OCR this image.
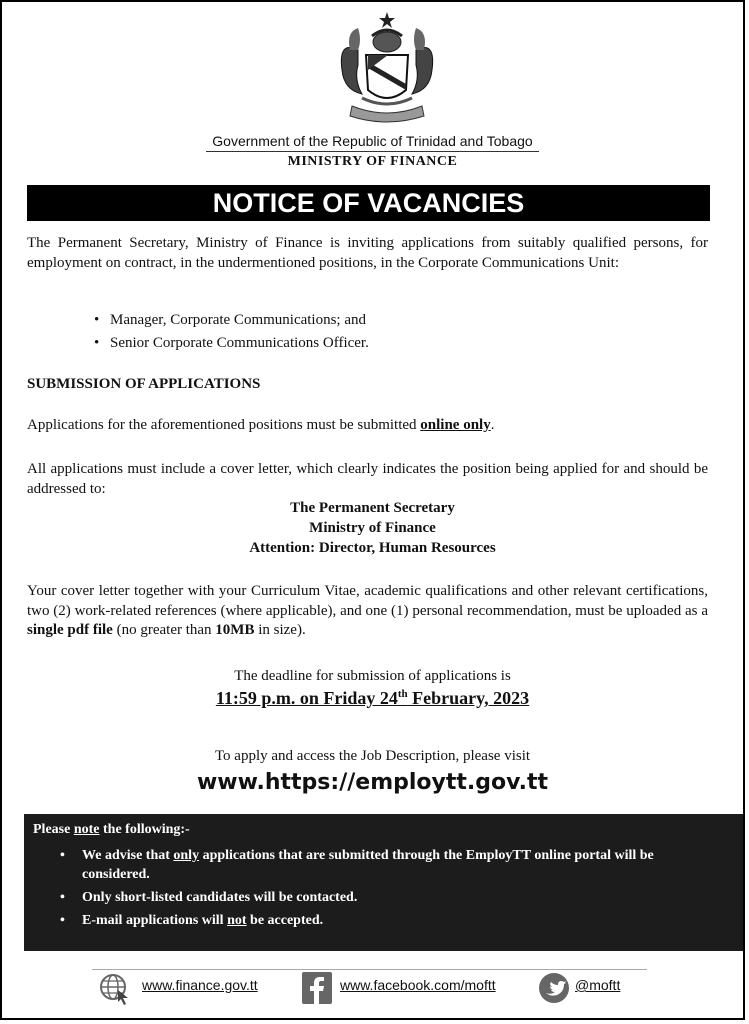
Government of the Republic of Trinidad and Tobago
MINISTRY OF FINANCE
NOTICE OF VACANCIES
The Permanent Secretary, Ministry of Finance is inviting applications from suitably qualified persons, for employment on contract, in the undermentioned positions, in the Corporate Communications Unit:
• Manager, Corporate Communications; and
• Senior Corporate Communications Officer.
SUBMISSION OF APPLICATIONS
Applications for the aforementioned positions must be submitted online only.
All applications must include a cover letter, which clearly indicates the position being applied for and should be addressed to:
The Permanent Secretary
Ministry of Finance
Attention: Director, Human Resources
Your cover letter together with your Curriculum Vitae, academic qualifications and other relevant certifications, two (2) work-related references (where applicable), and one (1) personal recommendation, must be uploaded as a single pdf file (no greater than 10MB in size).
The deadline for submission of applications is
11:59 p.m. on Friday 24th February, 2023
To apply and access the Job Description, please visit
www.https://employtt.gov.tt
Please note the following:-
• We advise that only applications that are submitted through the EmployTT online portal will be considered.
• Only short-listed candidates will be contacted.
• E-mail applications will not be accepted.
www.finance.gov.tt	www.facebook.com/moftt	@moftt
